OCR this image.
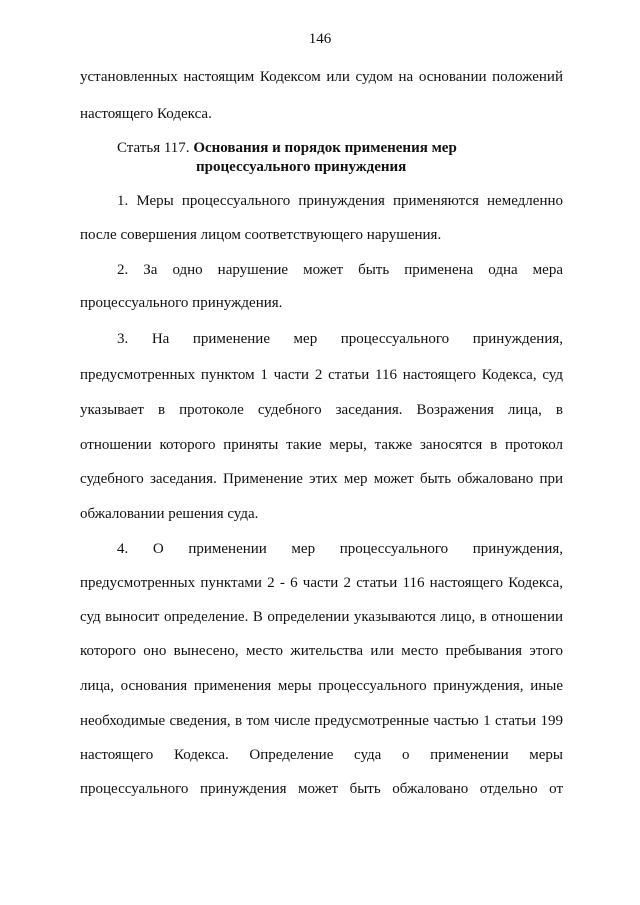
146
установленных настоящим Кодексом или судом на основании положений
настоящего Кодекса.
Статья 117. Основания и порядок применения мер
процессуального принуждения
1. Меры процессуального принуждения применяются немедленно
после совершения лицом соответствующего нарушения.
2. За одно нарушение может быть применена одна мера
процессуального принуждения.
3. На применение мер процессуального принуждения,
предусмотренных пунктом 1 части 2 статьи 116 настоящего Кодекса, суд
указывает в протоколе судебного заседания. Возражения лица, в
отношении которого приняты такие меры, также заносятся в протокол
судебного заседания. Применение этих мер может быть обжаловано при
обжаловании решения суда.
4. О применении мер процессуального принуждения,
предусмотренных пунктами 2 - 6 части 2 статьи 116 настоящего Кодекса,
суд выносит определение. В определении указываются лицо, в отношении
которого оно вынесено, место жительства или место пребывания этого
лица, основания применения меры процессуального принуждения, иные
необходимые сведения, в том числе предусмотренные частью 1 статьи 199
настоящего Кодекса. Определение суда о применении меры
процессуального принуждения может быть обжаловано отдельно от
